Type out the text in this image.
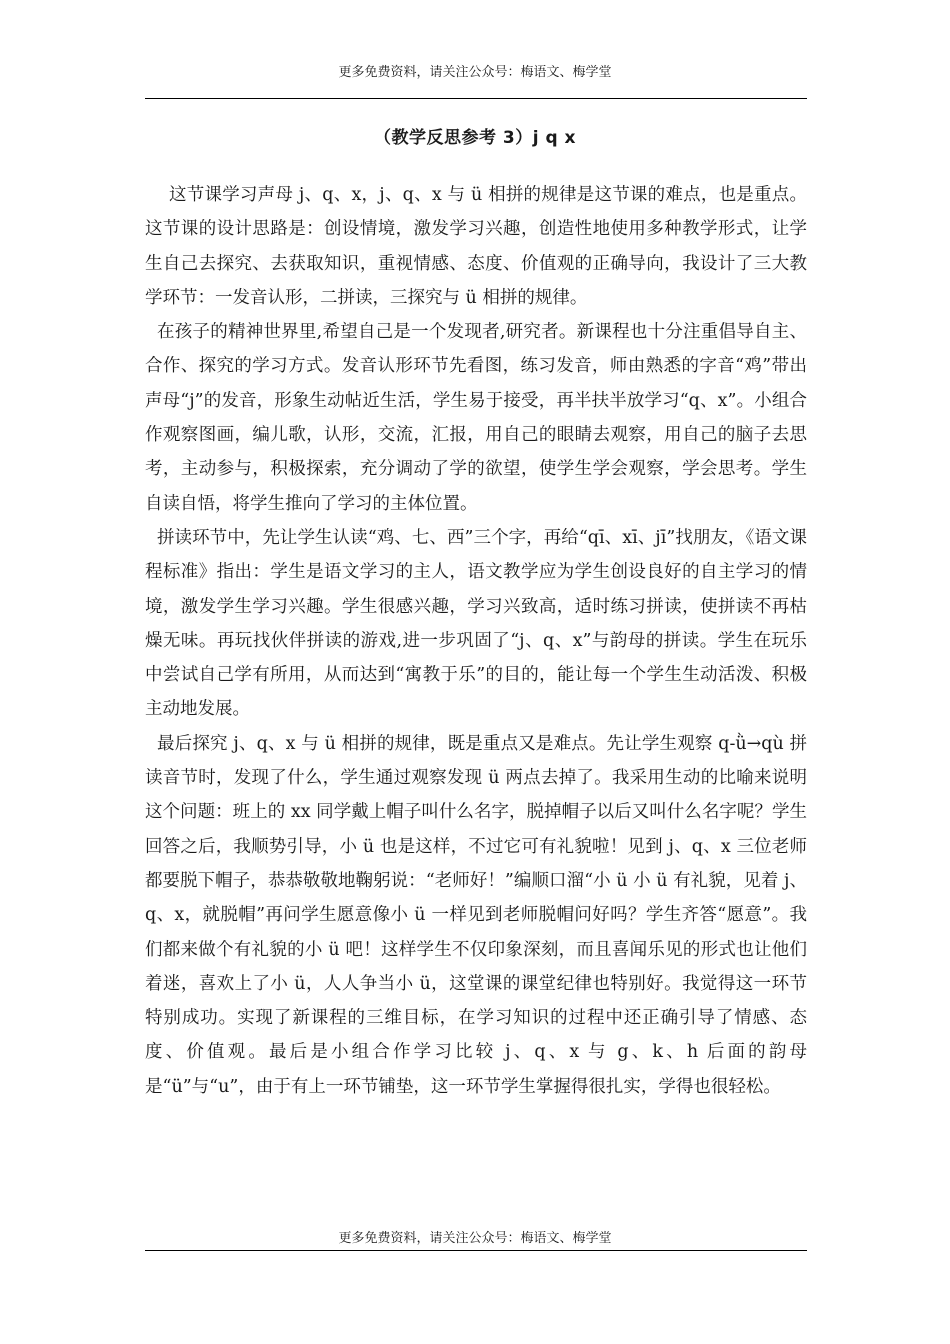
更多免费资料，请关注公众号：梅语文、梅学堂
（教学反思参考 3）j q x

这节课学习声母 j、q、x，j、q、x 与 ü 相拼的规律是这节课的难点，也是重点。这节课的设计思路是：创设情境，激发学习兴趣，创造性地使用多种教学形式，让学生自己去探究、去获取知识，重视情感、态度、价值观的正确导向，我设计了三大教学环节：一发音认形，二拼读，三探究与 ü 相拼的规律。

在孩子的精神世界里,希望自己是一个发现者,研究者。新课程也十分注重倡导自主、合作、探究的学习方式。发音认形环节先看图，练习发音，师由熟悉的字音“鸡”带出声母“j”的发音，形象生动帖近生活，学生易于接受，再半扶半放学习“q、x”。小组合作观察图画，编儿歌，认形，交流，汇报，用自己的眼睛去观察，用自己的脑子去思考，主动参与，积极探索，充分调动了学的欲望，使学生学会观察，学会思考。学生自读自悟，将学生推向了学习的主体位置。

拼读环节中，先让学生认读“鸡、七、西”三个字，再给“qī、xī、jī”找朋友，《语文课程标准》指出：学生是语文学习的主人，语文教学应为学生创设良好的自主学习的情境，激发学生学习兴趣。学生很感兴趣，学习兴致高，适时练习拼读，使拼读不再枯燥无味。再玩找伙伴拼读的游戏,进一步巩固了“j、q、x”与韵母的拼读。学生在玩乐中尝试自己学有所用，从而达到“寓教于乐”的目的，能让每一个学生生动活泼、积极主动地发展。

最后探究 j、q、x 与 ü 相拼的规律，既是重点又是难点。先让学生观察 q-ǜ→qù 拼读音节时，发现了什么，学生通过观察发现 ü 两点去掉了。我采用生动的比喻来说明这个问题：班上的 xx 同学戴上帽子叫什么名字，脱掉帽子以后又叫什么名字呢？学生回答之后，我顺势引导，小 ü 也是这样，不过它可有礼貌啦！见到 j、q、x 三位老师都要脱下帽子，恭恭敬敬地鞠躬说：“老师好！”编顺口溜“小 ü 小 ü 有礼貌，见着 j、q、x，就脱帽”再问学生愿意像小 ü 一样见到老师脱帽问好吗？学生齐答“愿意”。我们都来做个有礼貌的小 ü 吧！这样学生不仅印象深刻，而且喜闻乐见的形式也让他们着迷，喜欢上了小 ü，人人争当小 ü，这堂课的课堂纪律也特别好。我觉得这一环节特别成功。实现了新课程的三维目标，在学习知识的过程中还正确引导了情感、态度、价值观。最后是小组合作学习比较 j、q、x 与 g、k、h 后面的韵母是“ü”与“u”，由于有上一环节铺垫，这一环节学生掌握得很扎实，学得也很轻松。

更多免费资料，请关注公众号：梅语文、梅学堂
